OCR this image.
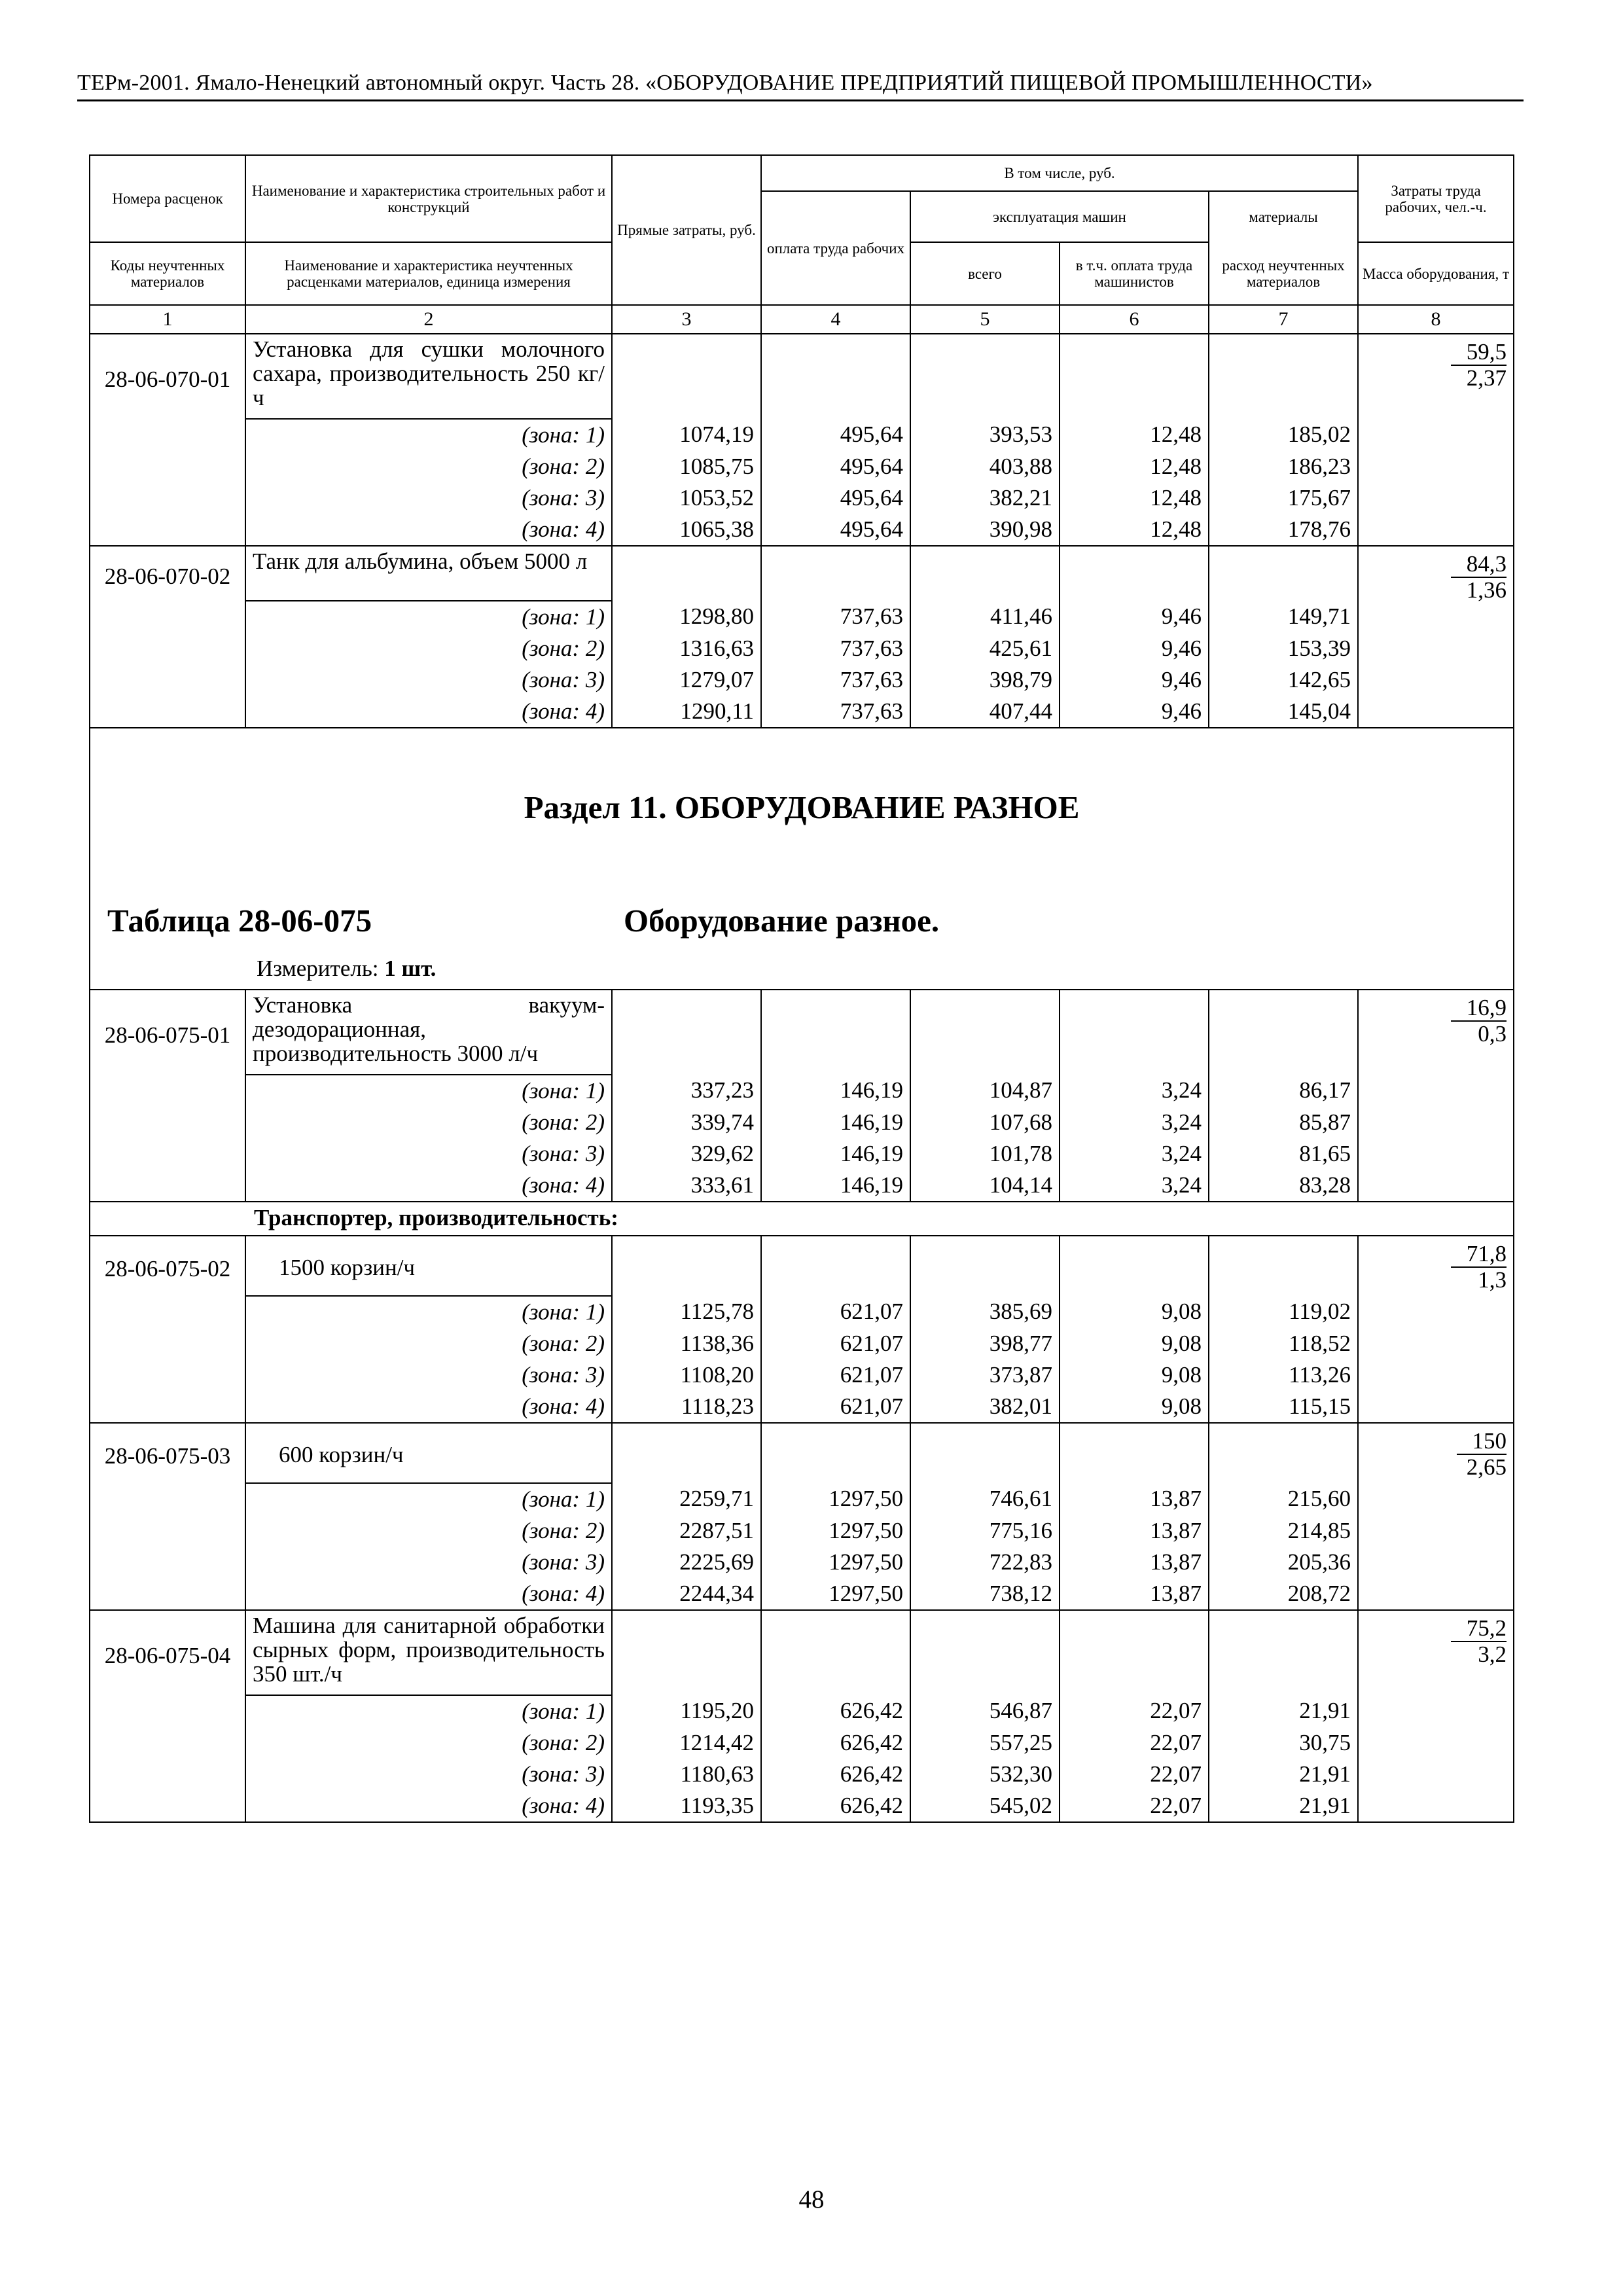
ТЕРм-2001. Ямало-Ненецкий автономный округ. Часть 28. «ОБОРУДОВАНИЕ ПРЕДПРИЯТИЙ ПИЩЕВОЙ ПРОМЫШЛЕННОСТИ»
Номера расценок	Наименование и характеристика строительных работ и конструкций	Прямые затраты, руб.	В том числе, руб.				Затраты труда рабочих, чел.-ч.
			оплата труда рабочих	эксплуатация машин		материалы	
Коды неучтенных материалов	Наименование и характеристика неучтенных расценками материалов, единица измерения			всего	в т.ч. оплата труда машинистов	расход неучтенных материалов	Масса оборудования, т
1	2	3	4	5	6	7	8
28-06-070-01	Установка для сушки молочного сахара, производительность 250 кг/ч						$\frac{59,5}{2,37}$

	(зона: 1)	1074,19	495,64	393,53	12,48	185,02	
	(зона: 2)	1085,75	495,64	403,88	12,48	186,23	
	(зона: 3)	1053,52	495,64	382,21	12,48	175,67	
	(зона: 4)	1065,38	495,64	390,98	12,48	178,76	
28-06-070-02	Танк для альбумина, объем 5000 л						$\frac{84,3}{1,36}$

	(зона: 1)	1298,80	737,63	411,46	9,46	149,71	
	(зона: 2)	1316,63	737,63	425,61	9,46	153,39	
	(зона: 3)	1279,07	737,63	398,79	9,46	142,65	
	(зона: 4)	1290,11	737,63	407,44	9,46	145,04	

Раздел 11. ОБОРУДОВАНИЕ РАЗНОЕ
Таблица 28-06-075 Оборудование разное.
Измеритель: 1 шт.							

28-06-075-01	Установка вакуум-дезодорационная, производительность 3000 л/ч						$\frac{16,9}{0,3}$

	(зона: 1)	337,23	146,19	104,87	3,24	86,17	
	(зона: 2)	339,74	146,19	107,68	3,24	85,87	
	(зона: 3)	329,62	146,19	101,78	3,24	81,65	
	(зона: 4)	333,61	146,19	104,14	3,24	83,28	
Транспортер, производительность:							
28-06-075-02	1500 корзин/ч						$\frac{71,8}{1,3}$

	(зона: 1)	1125,78	621,07	385,69	9,08	119,02	
	(зона: 2)	1138,36	621,07	398,77	9,08	118,52	
	(зона: 3)	1108,20	621,07	373,87	9,08	113,26	
	(зона: 4)	1118,23	621,07	382,01	9,08	115,15	
28-06-075-03	600 корзин/ч						$\frac{150}{2,65}$

	(зона: 1)	2259,71	1297,50	746,61	13,87	215,60	
	(зона: 2)	2287,51	1297,50	775,16	13,87	214,85	
	(зона: 3)	2225,69	1297,50	722,83	13,87	205,36	
	(зона: 4)	2244,34	1297,50	738,12	13,87	208,72	
28-06-075-04	Машина для санитарной обработки сырных форм, производительность 350 шт./ч						$\frac{75,2}{3,2}$

	(зона: 1)	1195,20	626,42	546,87	22,07	21,91	
	(зона: 2)	1214,42	626,42	557,25	22,07	30,75	
	(зона: 3)	1180,63	626,42	532,30	22,07	21,91	
	(зона: 4)	1193,35	626,42	545,02	22,07	21,91	
48
